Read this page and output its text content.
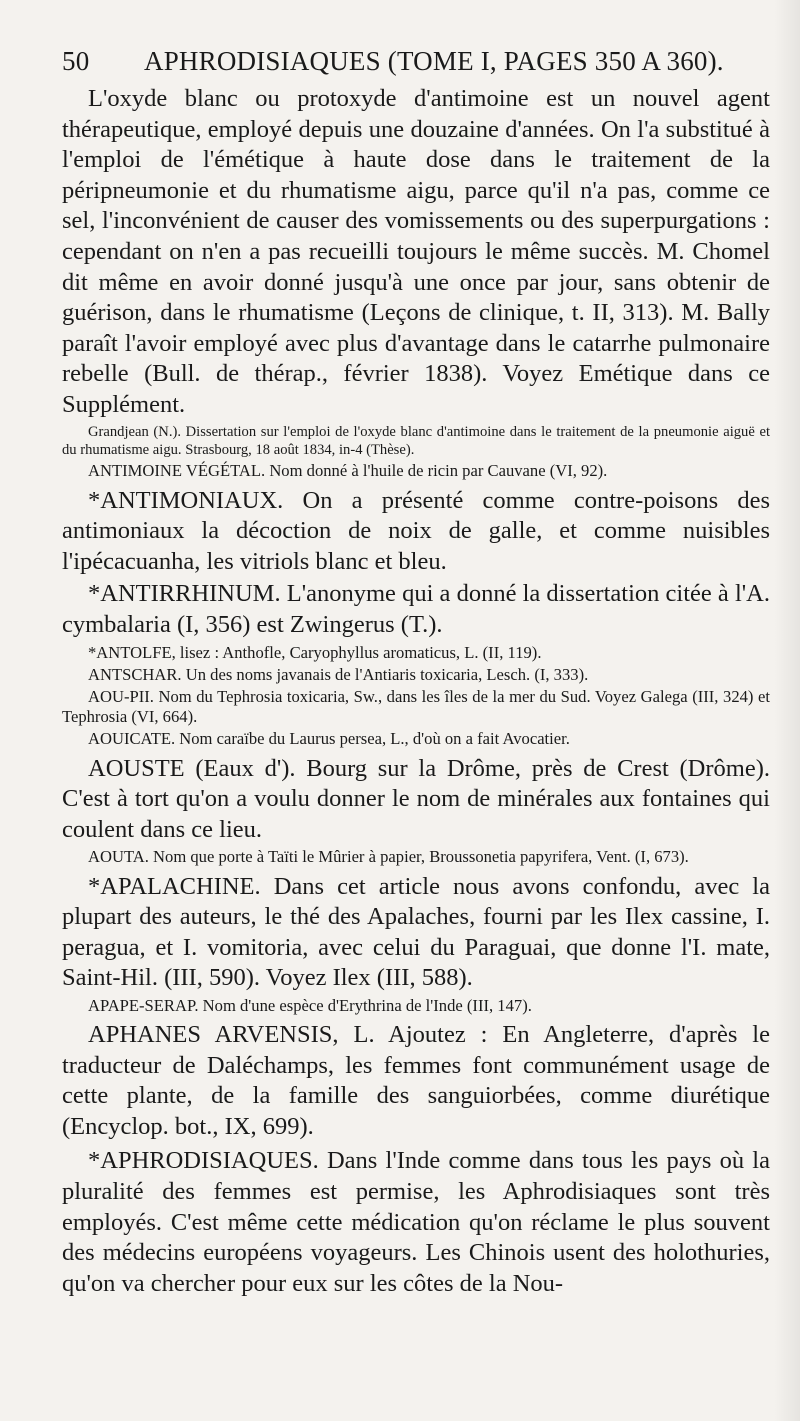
50	APHRODISIAQUES (TOME I, PAGES 350 A 360).

L'oxyde blanc ou protoxyde d'antimoine est un nouvel agent thérapeutique, employé depuis une douzaine d'années. On l'a substitué à l'emploi de l'émétique à haute dose dans le traitement de la péripneumonie et du rhumatisme aigu, parce qu'il n'a pas, comme ce sel, l'inconvénient de causer des vomissements ou des superpurgations : cependant on n'en a pas recueilli toujours le même succès. M. Chomel dit même en avoir donné jusqu'à une once par jour, sans obtenir de guérison, dans le rhumatisme (Leçons de clinique, t. II, 313). M. Bally paraît l'avoir employé avec plus d'avantage dans le catarrhe pulmonaire rebelle (Bull. de thérap., février 1838). Voyez Emétique dans ce Supplément.

Grandjean (N.). Dissertation sur l'emploi de l'oxyde blanc d'antimoine dans le traitement de la pneumonie aiguë et du rhumatisme aigu. Strasbourg, 18 août 1834, in-4 (Thèse).

ANTIMOINE VÉGÉTAL. Nom donné à l'huile de ricin par Cauvane (VI, 92).

*ANTIMONIAUX. On a présenté comme contre-poisons des antimoniaux la décoction de noix de galle, et comme nuisibles l'ipécacuanha, les vitriols blanc et bleu.

*ANTIRRHINUM. L'anonyme qui a donné la dissertation citée à l'A. cymbalaria (I, 356) est Zwingerus (T.).

*ANTOLFE, lisez : Anthofle, Caryophyllus aromaticus, L. (II, 119).

ANTSCHAR. Un des noms javanais de l'Antiaris toxicaria, Lesch. (I, 333).

AOU-PII. Nom du Tephrosia toxicaria, Sw., dans les îles de la mer du Sud. Voyez Galega (III, 324) et Tephrosia (VI, 664).

AOUICATE. Nom caraïbe du Laurus persea, L., d'où on a fait Avocatier.

AOUSTE (Eaux d'). Bourg sur la Drôme, près de Crest (Drôme). C'est à tort qu'on a voulu donner le nom de minérales aux fontaines qui coulent dans ce lieu.

AOUTA. Nom que porte à Taïti le Mûrier à papier, Broussonetia papyrifera, Vent. (I, 673).

*APALACHINE. Dans cet article nous avons confondu, avec la plupart des auteurs, le thé des Apalaches, fourni par les Ilex cassine, I. peragua, et I. vomitoria, avec celui du Paraguai, que donne l'I. mate, Saint-Hil. (III, 590). Voyez Ilex (III, 588).

APAPE-SERAP. Nom d'une espèce d'Erythrina de l'Inde (III, 147).

APHANES ARVENSIS, L. Ajoutez : En Angleterre, d'après le traducteur de Daléchamps, les femmes font communément usage de cette plante, de la famille des sanguiorbées, comme diurétique (Encyclop. bot., IX, 699).

*APHRODISIAQUES. Dans l'Inde comme dans tous les pays où la pluralité des femmes est permise, les Aphrodisiaques sont très employés. C'est même cette médication qu'on réclame le plus souvent des médecins européens voyageurs. Les Chinois usent des holothuries, qu'on va chercher pour eux sur les côtes de la Nou-
